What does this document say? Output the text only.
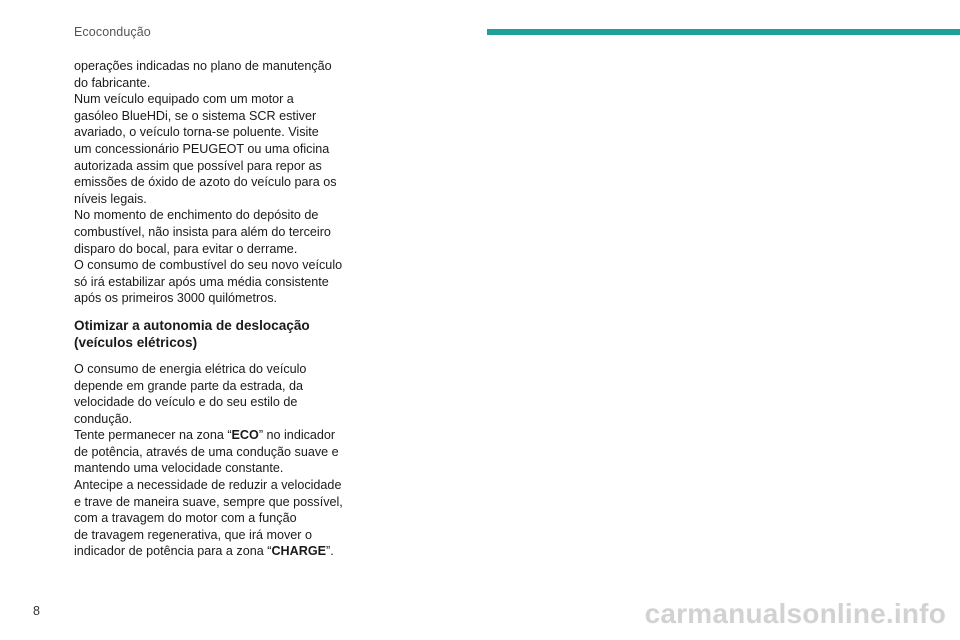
Ecocondução

operações indicadas no plano de manutenção
do fabricante.

Num veículo equipado com um motor a
gasóleo BlueHDi, se o sistema SCR estiver
avariado, o veículo torna-se poluente. Visite
um concessionário PEUGEOT ou uma oficina
autorizada assim que possível para repor as
emissões de óxido de azoto do veículo para os
níveis legais.

No momento de enchimento do depósito de
combustível, não insista para além do terceiro
disparo do bocal, para evitar o derrame.

O consumo de combustível do seu novo veículo
só irá estabilizar após uma média consistente
após os primeiros 3000 quilómetros.

Otimizar a autonomia de deslocação
(veículos elétricos)

O consumo de energia elétrica do veículo
depende em grande parte da estrada, da
velocidade do veículo e do seu estilo de
condução.

Tente permanecer na zona “ECO” no indicador
de potência, através de uma condução suave e
mantendo uma velocidade constante.

Antecipe a necessidade de reduzir a velocidade
e trave de maneira suave, sempre que possível,
com a travagem do motor com a função
de travagem regenerativa, que irá mover o
indicador de potência para a zona “CHARGE”.

8	carmanualsonline.info
